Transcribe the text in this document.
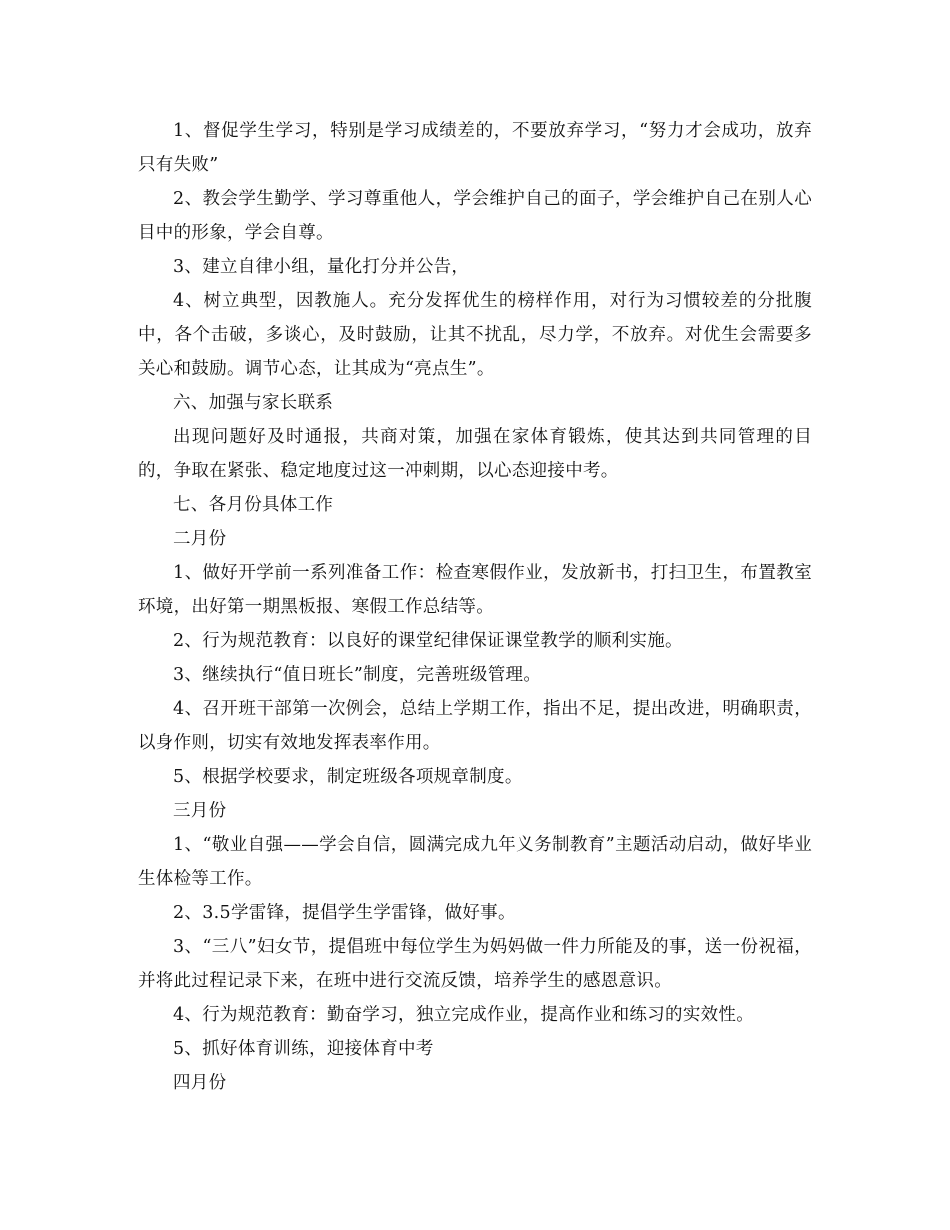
1、督促学生学习，特别是学习成绩差的，不要放弃学习，“努力才会成功，放弃只有失败”

2、教会学生勤学、学习尊重他人，学会维护自己的面子，学会维护自己在别人心目中的形象，学会自尊。

3、建立自律小组，量化打分并公告，

4、树立典型，因教施人。充分发挥优生的榜样作用，对行为习惯较差的分批腹中，各个击破，多谈心，及时鼓励，让其不扰乱，尽力学，不放弃。对优生会需要多关心和鼓励。调节心态，让其成为“亮点生”。

六、加强与家长联系

出现问题好及时通报，共商对策，加强在家体育锻炼，使其达到共同管理的目的，争取在紧张、稳定地度过这一冲刺期，以心态迎接中考。

七、各月份具体工作

二月份

1、做好开学前一系列准备工作：检查寒假作业，发放新书，打扫卫生，布置教室环境，出好第一期黑板报、寒假工作总结等。

2、行为规范教育：以良好的课堂纪律保证课堂教学的顺利实施。

3、继续执行“值日班长”制度，完善班级管理。

4、召开班干部第一次例会，总结上学期工作，指出不足，提出改进，明确职责，以身作则，切实有效地发挥表率作用。

5、根据学校要求，制定班级各项规章制度。

三月份

1、“敬业自强——学会自信，圆满完成九年义务制教育”主题活动启动，做好毕业生体检等工作。

2、3.5学雷锋，提倡学生学雷锋，做好事。

3、“三八”妇女节，提倡班中每位学生为妈妈做一件力所能及的事，送一份祝福，并将此过程记录下来，在班中进行交流反馈，培养学生的感恩意识。

4、行为规范教育：勤奋学习，独立完成作业，提高作业和练习的实效性。

5、抓好体育训练，迎接体育中考

四月份
